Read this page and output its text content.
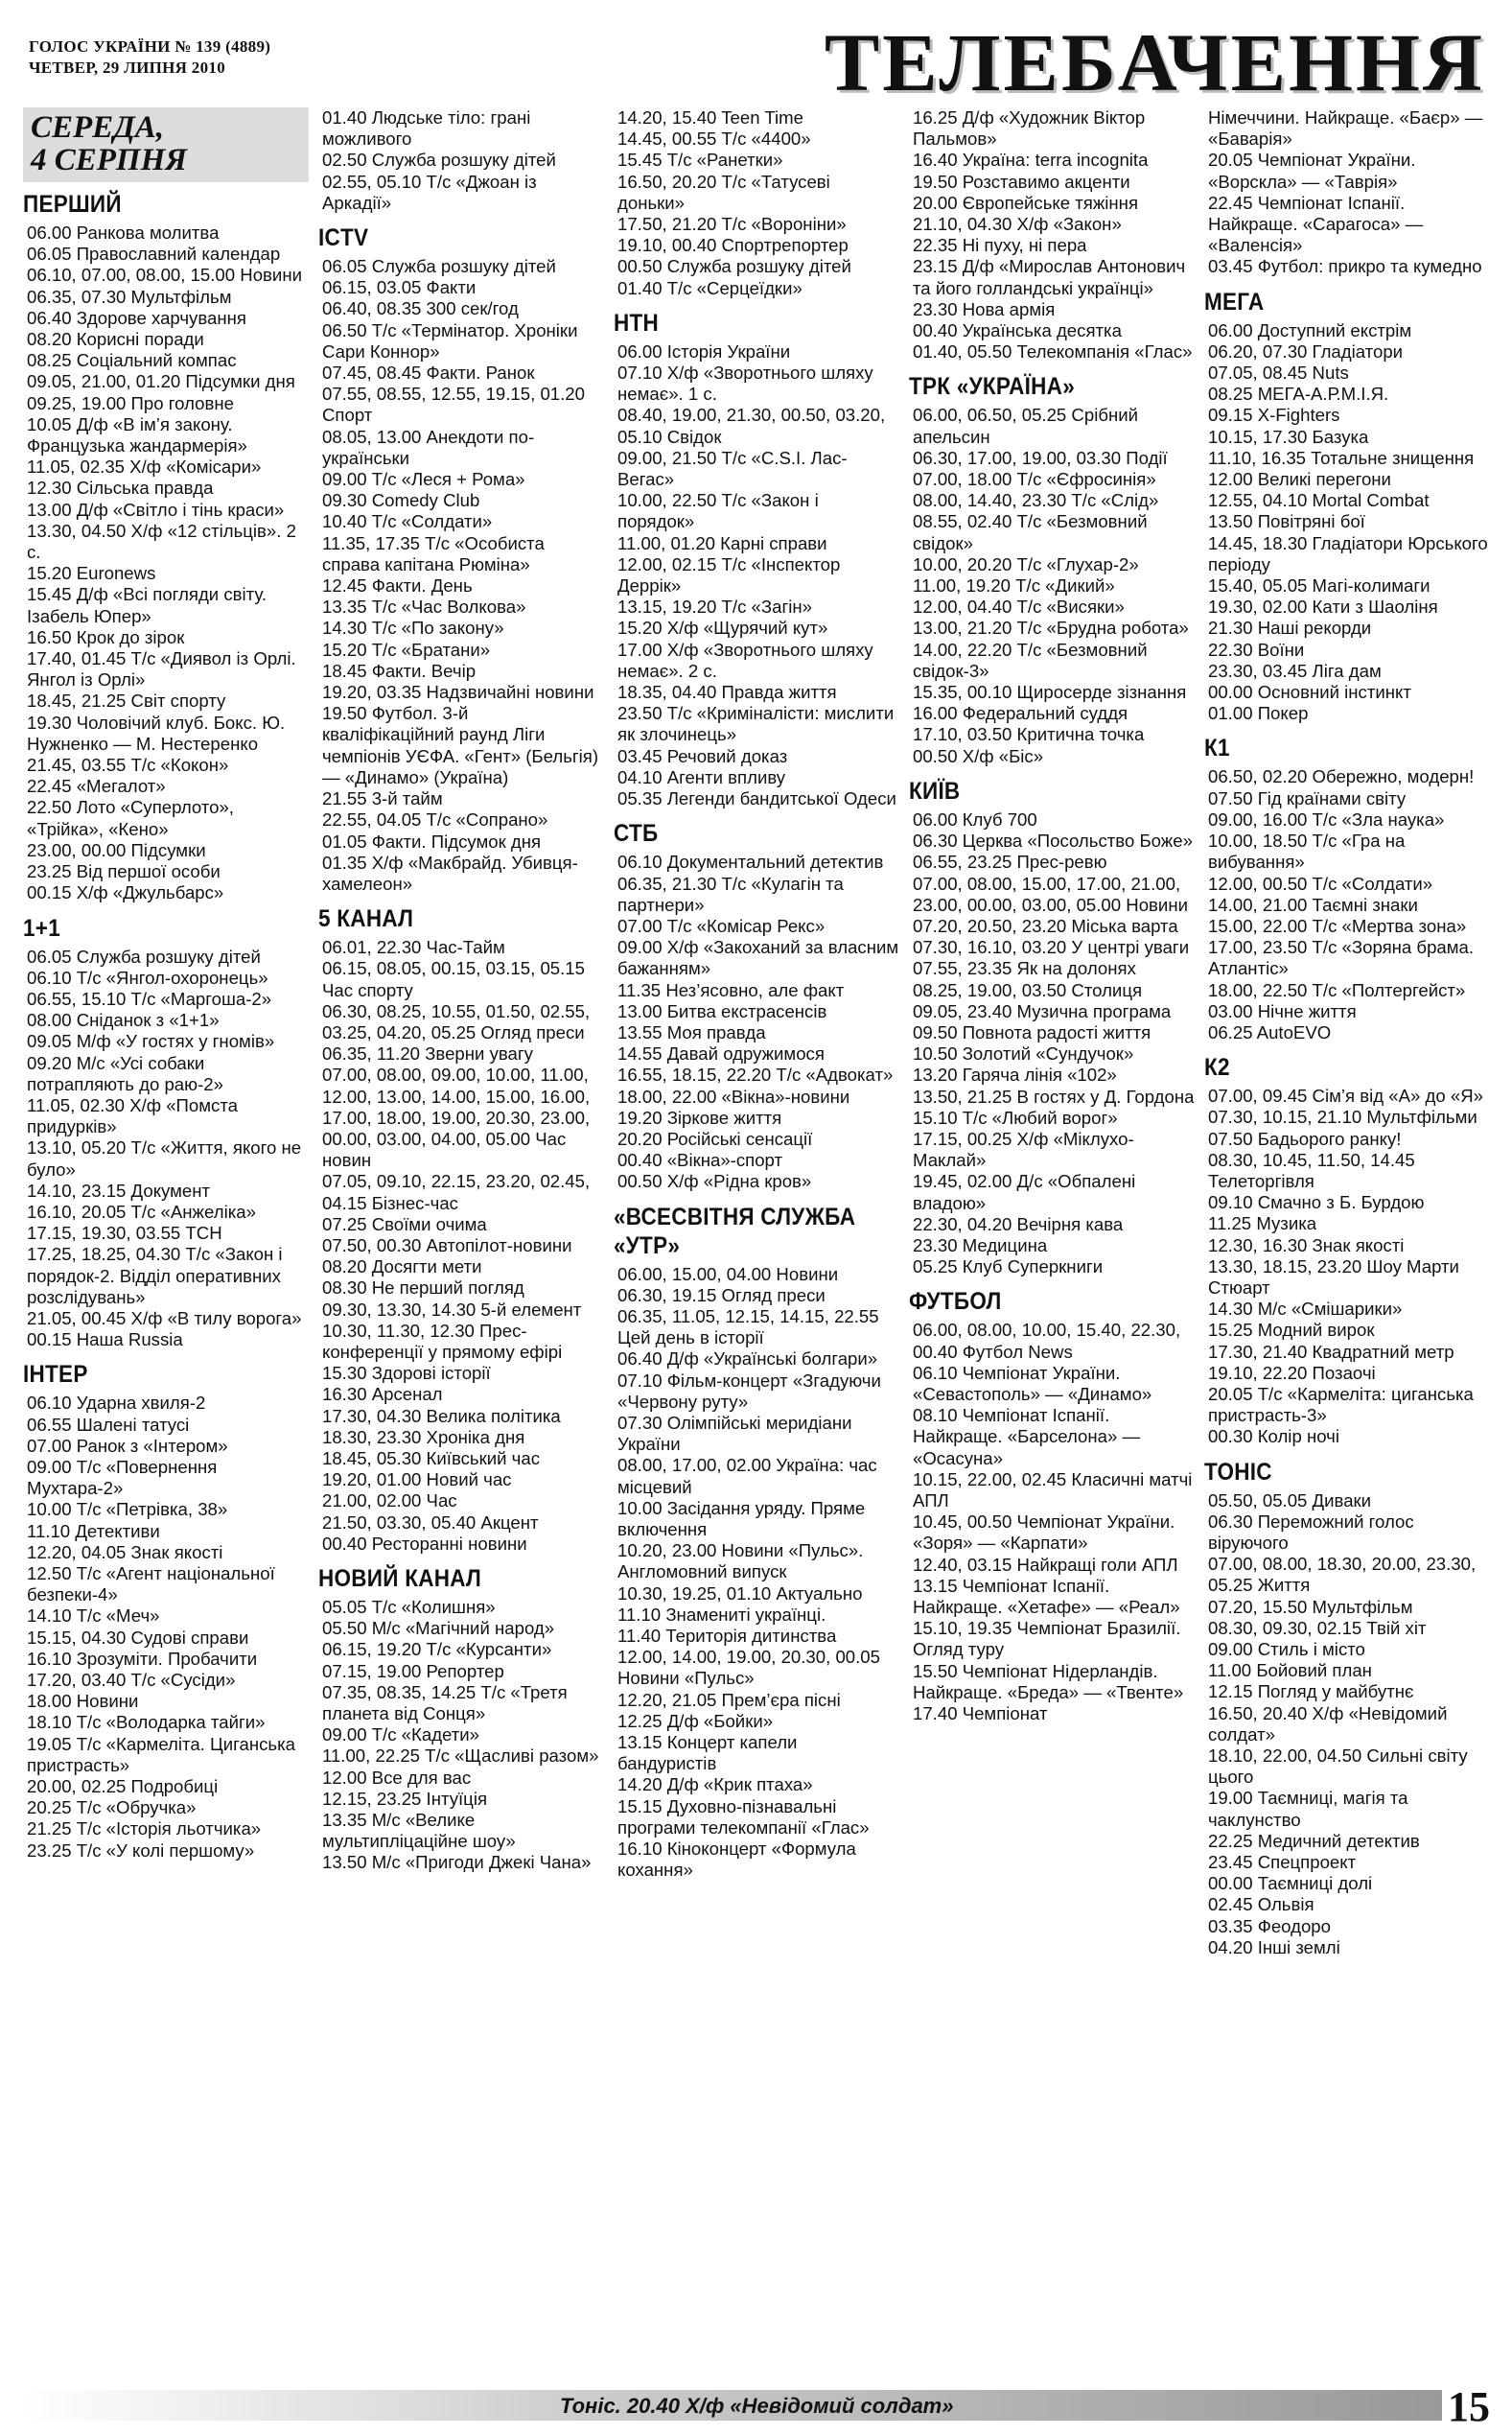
ГОЛОС УКРАЇНИ № 139 (4889)
ЧЕТВЕР, 29 ЛИПНЯ 2010	ТЕЛЕБАЧЕННЯ
СЕРЕДА,
4 СЕРПНЯ
ПЕРШИЙ
06.00 Ранкова молитва
06.05 Православний календар
06.10, 07.00, 08.00, 15.00 Новини
06.35, 07.30 Мультфільм
06.40 Здорове харчування
08.20 Корисні поради
08.25 Соціальний компас
09.05, 21.00, 01.20 Підсумки дня
09.25, 19.00 Про головне
10.05 Д/ф «В ім’я закону. Французька жандармерія»
11.05, 02.35 Х/ф «Комісари»
12.30 Сільська правда
13.00 Д/ф «Світло і тінь краси»
13.30, 04.50 Х/ф «12 стільців». 2 с.
15.20 Euronews
15.45 Д/ф «Всі погляди світу. Ізабель Юпер»
16.50 Крок до зірок
17.40, 01.45 Т/с «Диявол із Орлі. Янгол із Орлі»
18.45, 21.25 Світ спорту
19.30 Чоловічий клуб. Бокс. Ю. Нужненко — М. Нестеренко
21.45, 03.55 Т/с «Кокон»
22.45 «Мегалот»
22.50 Лото «Суперлото», «Трійка», «Кено»
23.00, 00.00 Підсумки
23.25 Від першої особи
00.15 Х/ф «Джульбарс»
1+1
06.05 Служба розшуку дітей
06.10 Т/с «Янгол-охоронець»
06.55, 15.10 Т/с «Маргоша-2»
08.00 Сніданок з «1+1»
09.05 М/ф «У гостях у гномів»
09.20 М/с «Усі собаки потрапляють до раю-2»
11.05, 02.30 Х/ф «Помста придурків»
13.10, 05.20 Т/с «Життя, якого не було»
14.10, 23.15 Документ
16.10, 20.05 Т/с «Анжеліка»
17.15, 19.30, 03.55 ТСН
17.25, 18.25, 04.30 Т/с «Закон і порядок-2. Відділ оперативних розслідувань»
21.05, 00.45 Х/ф «В тилу ворога»
00.15 Наша Russia
ІНТЕР
06.10 Ударна хвиля-2
06.55 Шалені татусі
07.00 Ранок з «Інтером»
09.00 Т/с «Повернення Мухтара-2»
10.00 Т/с «Петрівка, 38»
11.10 Детективи
12.20, 04.05 Знак якості
12.50 Т/с «Агент національної безпеки-4»
14.10 Т/с «Меч»
15.15, 04.30 Судові справи
16.10 Зрозуміти. Пробачити
17.20, 03.40 Т/с «Сусіди»
18.00 Новини
18.10 Т/с «Володарка тайги»
19.05 Т/с «Кармеліта. Циганська пристрасть»
20.00, 02.25 Подробиці
20.25 Т/с «Обручка»
21.25 Т/с «Історія льотчика»
23.25 Т/с «У колі першому»
01.40 Людське тіло: грані можливого
02.50 Служба розшуку дітей
02.55, 05.10 Т/с «Джоан із Аркадії»
ICTV
06.05 Служба розшуку дітей
06.15, 03.05 Факти
06.40, 08.35 300 сек/год
06.50 Т/с «Термінатор. Хроніки Сари Коннор»
07.45, 08.45 Факти. Ранок
07.55, 08.55, 12.55, 19.15, 01.20 Спорт
08.05, 13.00 Анекдоти по-українськи
09.00 Т/с «Леся + Рома»
09.30 Comedy Club
10.40 Т/с «Солдати»
11.35, 17.35 Т/с «Особиста справа капітана Рюміна»
12.45 Факти. День
13.35 Т/с «Час Волкова»
14.30 Т/с «По закону»
15.20 Т/с «Братани»
18.45 Факти. Вечір
19.20, 03.35 Надзвичайні новини
19.50 Футбол. 3-й кваліфікаційний раунд Ліги чемпіонів УЄФА. «Гент» (Бельгія) — «Динамо» (Україна)
21.55 3-й тайм
22.55, 04.05 Т/с «Сопрано»
01.05 Факти. Підсумок дня
01.35 Х/ф «Макбрайд. Убивця-хамелеон»
5 КАНАЛ
06.01, 22.30 Час-Тайм
06.15, 08.05, 00.15, 03.15, 05.15 Час спорту
06.30, 08.25, 10.55, 01.50, 02.55, 03.25, 04.20, 05.25 Огляд преси
06.35, 11.20 Зверни увагу
07.00, 08.00, 09.00, 10.00, 11.00, 12.00, 13.00, 14.00, 15.00, 16.00, 17.00, 18.00, 19.00, 20.30, 23.00, 00.00, 03.00, 04.00, 05.00 Час новин
07.05, 09.10, 22.15, 23.20, 02.45, 04.15 Бізнес-час
07.25 Своїми очима
07.50, 00.30 Автопілот-новини
08.20 Досягти мети
08.30 Не перший погляд
09.30, 13.30, 14.30 5-й елемент
10.30, 11.30, 12.30 Прес-конференції у прямому ефірі
15.30 Здорові історії
16.30 Арсенал
17.30, 04.30 Велика політика
18.30, 23.30 Хроніка дня
18.45, 05.30 Київський час
19.20, 01.00 Новий час
21.00, 02.00 Час
21.50, 03.30, 05.40 Акцент
00.40 Ресторанні новини
НОВИЙ КАНАЛ
05.05 Т/с «Колишня»
05.50 М/с «Магічний народ»
06.15, 19.20 Т/с «Курсанти»
07.15, 19.00 Репортер
07.35, 08.35, 14.25 Т/с «Третя планета від Сонця»
09.00 Т/с «Кадети»
11.00, 22.25 Т/с «Щасливі разом»
12.00 Все для вас
12.15, 23.25 Інтуїція
13.35 М/с «Велике мультипліцаційне шоу»
13.50 М/с «Пригоди Джекі Чана»
14.20, 15.40 Teen Time
14.45, 00.55 Т/с «4400»
15.45 Т/с «Ранетки»
16.50, 20.20 Т/с «Татусеві доньки»
17.50, 21.20 Т/с «Вороніни»
19.10, 00.40 Спортрепортер
00.50 Служба розшуку дітей
01.40 Т/с «Серцеїдки»
НТН
06.00 Історія України
07.10 Х/ф «Зворотнього шляху немає». 1 с.
08.40, 19.00, 21.30, 00.50, 03.20, 05.10 Свідок
09.00, 21.50 Т/с «C.S.I. Лас-Вегас»
10.00, 22.50 Т/с «Закон і порядок»
11.00, 01.20 Карні справи
12.00, 02.15 Т/с «Інспектор Деррік»
13.15, 19.20 Т/с «Загін»
15.20 Х/ф «Щурячий кут»
17.00 Х/ф «Зворотнього шляху немає». 2 с.
18.35, 04.40 Правда життя
23.50 Т/с «Криміналісти: мислити як злочинець»
03.45 Речовий доказ
04.10 Агенти впливу
05.35 Легенди бандитської Одеси
СТБ
06.10 Документальний детектив
06.35, 21.30 Т/с «Кулагін та партнери»
07.00 Т/с «Комісар Рекс»
09.00 Х/ф «Закоханий за власним бажанням»
11.35 Нез’ясовно, але факт
13.00 Битва екстрасенсів
13.55 Моя правда
14.55 Давай одружимося
16.55, 18.15, 22.20 Т/с «Адвокат»
18.00, 22.00 «Вікна»-новини
19.20 Зіркове життя
20.20 Російські сенсації
00.40 «Вікна»-спорт
00.50 Х/ф «Рідна кров»
«ВСЕСВІТНЯ СЛУЖБА «УТР»
06.00, 15.00, 04.00 Новини
06.30, 19.15 Огляд преси
06.35, 11.05, 12.15, 14.15, 22.55 Цей день в історії
06.40 Д/ф «Українські болгари»
07.10 Фільм-концерт «Згадуючи «Червону руту»
07.30 Олімпійські меридіани України
08.00, 17.00, 02.00 Україна: час місцевий
10.00 Засідання уряду. Пряме включення
10.20, 23.00 Новини «Пульс». Англомовний випуск
10.30, 19.25, 01.10 Актуально
11.10 Знамениті українці.
11.40 Територія дитинства
12.00, 14.00, 19.00, 20.30, 00.05 Новини «Пульс»
12.20, 21.05 Прем’єра пісні
12.25 Д/ф «Бойки»
13.15 Концерт капели бандуристів
14.20 Д/ф «Крик птаха»
15.15 Духовно-пізнавальні програми телекомпанії «Глас»
16.10 Кіноконцерт «Формула кохання»
16.25 Д/ф «Художник Віктор Пальмов»
16.40 Україна: terra incognita
19.50 Розставимо акценти
20.00 Європейське тяжіння
21.10, 04.30 Х/ф «Закон»
22.35 Ні пуху, ні пера
23.15 Д/ф «Мирослав Антонович та його голландські українці»
23.30 Нова армія
00.40 Українська десятка
01.40, 05.50 Телекомпанія «Глас»
ТРК «УКРАЇНА»
06.00, 06.50, 05.25 Срібний апельсин
06.30, 17.00, 19.00, 03.30 Події
07.00, 18.00 Т/с «Єфросинія»
08.00, 14.40, 23.30 Т/с «Слід»
08.55, 02.40 Т/с «Безмовний свідок»
10.00, 20.20 Т/с «Глухар-2»
11.00, 19.20 Т/с «Дикий»
12.00, 04.40 Т/с «Висяки»
13.00, 21.20 Т/с «Брудна робота»
14.00, 22.20 Т/с «Безмовний свідок-3»
15.35, 00.10 Щиросерде зізнання
16.00 Федеральний суддя
17.10, 03.50 Критична точка
00.50 Х/ф «Біс»
КИЇВ
06.00 Клуб 700
06.30 Церква «Посольство Боже»
06.55, 23.25 Прес-ревю
07.00, 08.00, 15.00, 17.00, 21.00, 23.00, 00.00, 03.00, 05.00 Новини
07.20, 20.50, 23.20 Міська варта
07.30, 16.10, 03.20 У центрі уваги
07.55, 23.35 Як на долонях
08.25, 19.00, 03.50 Столиця
09.05, 23.40 Музична програма
09.50 Повнота радості життя
10.50 Золотий «Сундучок»
13.20 Гаряча лінія «102»
13.50, 21.25 В гостях у Д. Гордона
15.10 Т/с «Любий ворог»
17.15, 00.25 Х/ф «Міклухо-Маклай»
19.45, 02.00 Д/с «Обпалені владою»
22.30, 04.20 Вечірня кава
23.30 Медицина
05.25 Клуб Суперкниги
ФУТБОЛ
06.00, 08.00, 10.00, 15.40, 22.30, 00.40 Футбол News
06.10 Чемпіонат України. «Севастополь» — «Динамо»
08.10 Чемпіонат Іспанії. Найкраще. «Барселона» — «Осасуна»
10.15, 22.00, 02.45 Класичні матчі АПЛ
10.45, 00.50 Чемпіонат України. «Зоря» — «Карпати»
12.40, 03.15 Найкращі голи АПЛ
13.15 Чемпіонат Іспанії. Найкраще. «Хетафе» — «Реал»
15.10, 19.35 Чемпіонат Бразилії. Огляд туру
15.50 Чемпіонат Нідерландів. Найкраще. «Бреда» — «Твенте»
17.40 Чемпіонат
Німеччини. Найкраще. «Баєр» — «Баварія»
20.05 Чемпіонат України. «Ворскла» — «Таврія»
22.45 Чемпіонат Іспанії. Найкраще. «Сарагоса» — «Валенсія»
03.45 Футбол: прикро та кумедно
МЕГА
06.00 Доступний екстрім
06.20, 07.30 Гладіатори
07.05, 08.45 Nuts
08.25 МЕГА-А.Р.М.І.Я.
09.15 X-Fighters
10.15, 17.30 Базука
11.10, 16.35 Тотальне знищення
12.00 Великі перегони
12.55, 04.10 Mortal Combat
13.50 Повітряні бої
14.45, 18.30 Гладіатори Юрського періоду
15.40, 05.05 Магі-колимаги
19.30, 02.00 Кати з Шаоліня
21.30 Наші рекорди
22.30 Воїни
23.30, 03.45 Ліга дам
00.00 Основний інстинкт
01.00 Покер
К1
06.50, 02.20 Обережно, модерн!
07.50 Гід країнами світу
09.00, 16.00 Т/с «Зла наука»
10.00, 18.50 Т/с «Гра на вибування»
12.00, 00.50 Т/с «Солдати»
14.00, 21.00 Таємні знаки
15.00, 22.00 Т/с «Мертва зона»
17.00, 23.50 Т/с «Зоряна брама. Атлантіс»
18.00, 22.50 Т/с «Полтергейст»
03.00 Нічне життя
06.25 AutoEVO
К2
07.00, 09.45 Сім’я від «А» до «Я»
07.30, 10.15, 21.10 Мультфільми
07.50 Бадьорого ранку!
08.30, 10.45, 11.50, 14.45 Телеторгівля
09.10 Смачно з Б. Бурдою
11.25 Музика
12.30, 16.30 Знак якості
13.30, 18.15, 23.20 Шоу Марти Стюарт
14.30 М/с «Смішарики»
15.25 Модний вирок
17.30, 21.40 Квадратний метр
19.10, 22.20 Позаочі
20.05 Т/с «Кармеліта: циганська пристрасть-3»
00.30 Колір ночі
ТОНІС
05.50, 05.05 Диваки
06.30 Переможний голос віруючого
07.00, 08.00, 18.30, 20.00, 23.30, 05.25 Життя
07.20, 15.50 Мультфільм
08.30, 09.30, 02.15 Твій хіт
09.00 Стиль і місто
11.00 Бойовий план
12.15 Погляд у майбутнє
16.50, 20.40 Х/ф «Невідомий солдат»
18.10, 22.00, 04.50 Сильні світу цього
19.00 Таємниці, магія та чаклунство
22.25 Медичний детектив
23.45 Спецпроект
00.00 Таємниці долі
02.45 Ольвія
03.35 Феодоро
04.20 Інші землі
Тоніс. 20.40 Х/ф «Невідомий солдат»	15
